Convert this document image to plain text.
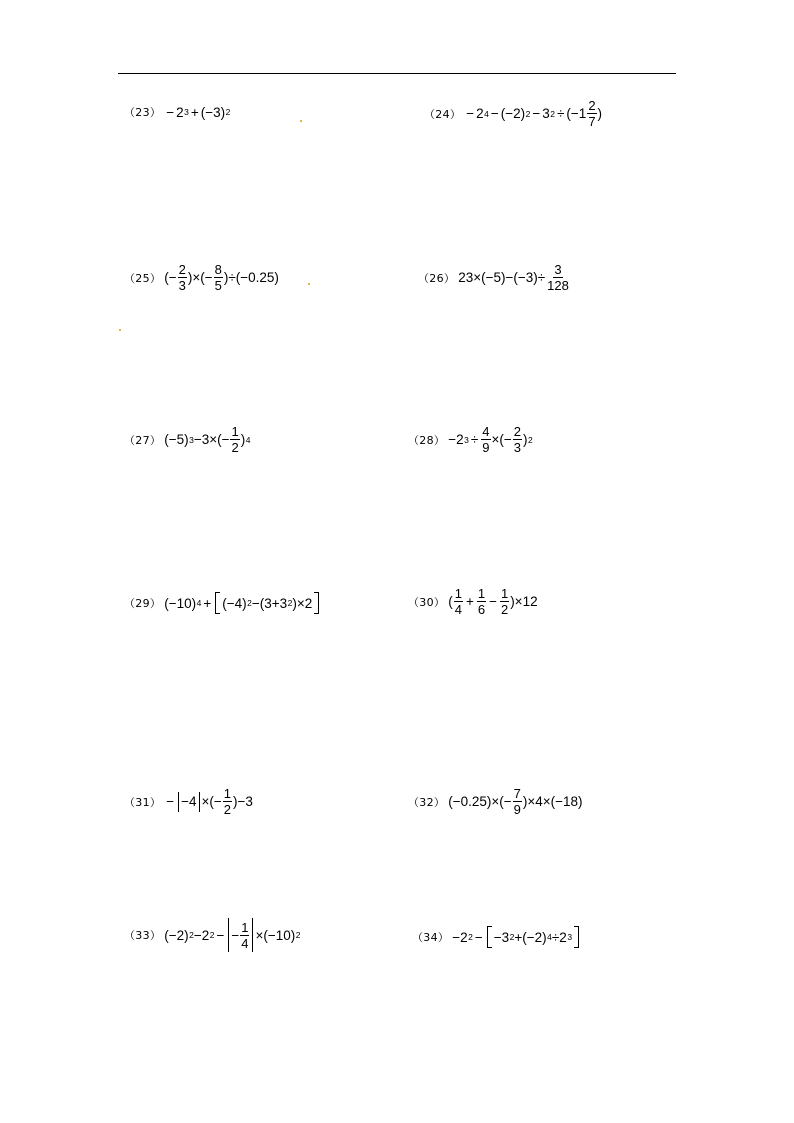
（23） − 2 3 + (−3) 2	（24） − 2 4 − (−2) 2 − 3 $2 \div (-1 \frac{2}{7}$ )
（25） (− $\frac{2}{3}$ )×(− $\frac{8}{5} )\div(-0.25)$	（26） $23\times(-5)-(-3)\div \frac{3}{128}$
（27） (−5) $3 -3\times(- \frac{1}{2}$ ) 4	（28） −2 $3 \div \frac{4}{9}$ ×(− $\frac{2}{3}$ ) 2
（29） (−10) 4 + (−4) 2 −(3+3 2 )×2	（30） ( $\frac{1}{4} + \frac{1}{6} - \frac{1}{2} )\times 12$
（31） − −4 ×(− $\frac{1}{2} )-3$	（32） $(-0.25)\times(- \frac{7}{9} )\times 4\times(-18)$
（33） (−2) 2 −2 2 − − $\frac{1}{4} \times(-10)$ 2	（34） −2 2 − −3 2 +(−2) 4 ÷2 3
